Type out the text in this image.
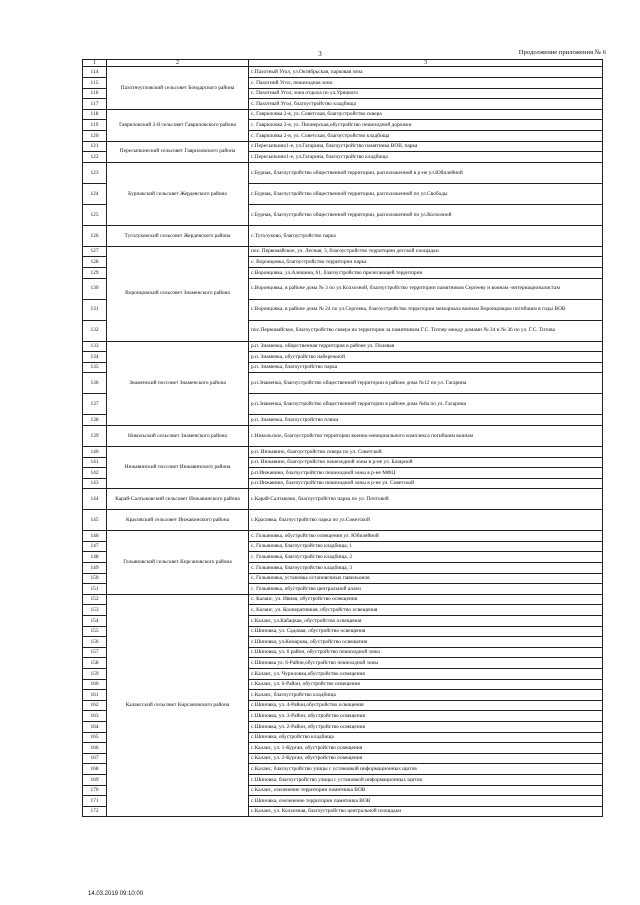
3	Продолжение приложения № 6
1	2	3
114	Пахотноугловский сельсовет Бондарского района	с.Пахотный Угол, ул.Октябрьская, парковая зона
115		с. Пахотний Угол, пешеходная зона
116		с. Пахотный Угол, зона отдыха по ул.Урицкого
117		с. Пахотный Угол, благоустройство кладбища
118	Гавриловский 2-й сельсовет Гавриловского района	с. Гавриловка 2-я, ул. Советская, благоустройство сквера
119		с. Гавриловка 2-я, ул. Пионерская,обустройство пешеходной дорожки
120		с. Гавриловка 2-я, ул. Советская, благоустройство кладбища
121	Пересыпкинский сельсовет Гавриловского района	с.Пересыпкино1-е, ул.Гагарина, благоустройство памятника ВОВ, парка
122		с.Пересыпкино1-е, ул.Гагарина, благоустройство кладбища
123	Бурнакский сельсовет Жердевского района	с.Бурнак, благоустройство общественной территории, расположенной в р-не ул.Юбилейной
124		с.Бурнак, благоустройство общественной территории, расположенной по ул.Свободы
125		с.Бурнак, благоустройство общественной территории, расположенной по ул.Колхозной
126	Туголуковский сельсовет Жердевского района	с.Туголуково, благоустройство парка
127	Воронцовский сельсовет Знаменского района	пос. Первомайское, ул. Лесная, 3, благоустройство территории детской площадки
128		с. Воронцовка, благоустройство территории парка
129		с.Воронцовка, ул.Алешина, 61, благоустройство прилегающей территории
130		с.Воронцовка, в районе дома № 3 по ул.Колхозной, благоустройство территории памятников Сергееву и воинам -интернационалистам
131		с.Воронцовка, в районе дома № 24 по ул.Сергеева, благоустройство территории мемориала воинам Воронцовцам погибшим в годы ВОВ
132		пос.Первомайское, благоустройство сквера на территории за памятником Г.С. Титову между домами № 34 и № 36 по ул. Г.С. Титова
133	Знаменский поссовет Знаменского района	р.п. Знаменка, общественная территория в районе ул. Полевая
134		р.п. Знаменка, обустройство набережной
135		р.п. Знаменка, благоустройство парка
136		р.п.Знаменка, благоустройство общественной территории в районе дома №12 по ул. Гагарина
137		р.п.Знаменка, благоустройство общественной территории в районе дома №8а по ул. Гагарина
138		р.п. Знаменка, благоустройство пляжа
139	Никольский сельсовет Знаменского района	с.Никольское, благоустройство территории военно-мемориального комплекса погибшим воинам
140	Инжавинский поссовет Инжавинского района	р.п. Инжавино, благоустройство сквера по ул. Советской
141		р.п. Инжавино, благоустройство пешеходной зоны в р-не ул. Базарной
142		р.п.Инжавино, благоустройство пешеходной зоны в р-не МФЦ
143		р.п.Инжавино, благоустройство пешеходной зоны в р-не ул. Советской
144	Карай-Салтыковский сельсовет Инжавинского района	с.Карай-Салтыково, благоустройство парка по ул. Почтовой
145	Красивский сельсовет Инжавинского района	с.Красивка, благоустройство парка по ул.Советской
146	Гольяновский сельсовет Кирсановского района	с. Гольяновка, обустройство освещения ул. Юбилейной
147		с. Гольяновка, благоустройство кладбища, 1
148		с. Гольяновка, благоустройство кладбища, 2
149		с. Гольяновка, благоустройство кладбища, 3
150		с. Гольяновка, установка остановочных павильонов
151		с. Гольяновка, обустройство центральной аллеи
152	Калаисский сельсовет Кирсановского района	с. Калаис, ул. Ивная, обустройство освещения
153		с. Калаис, ул. Кооперативная, обустройство освещения
154		с.Калаис, ул.Кабацкая, обустройство освещения
155		с.Шиновка, ул. Садовая, обустройство освещения
156		с.Шиновка, ул.Комарова, обустройство освещения
157		с.Шиновка, ул. 6 район, обустройство пешеходной зоны
158		с.Шиновка ул. 6-Район,обустройство пешеходной зоны
159		с.Калаис, ул. Чуриловка,обустройство освещения
160		с.Калаис, ул. 6-Район, обустройство освещения
161		с.Калаис, благоустройство кладбища
162		с.Шиновка, ул. 4-Район,обустройство освещения
163		с.Шиновка, ул. 3-Район, обустройство освещения
164		с.Шиновка, ул. 2-Район, обустройство освещения
165		с.Шиновка, обустройство кладбища
166		с.Калаис, ул. 1-Курган, обустройство освещения
167		с.Калаис, ул. 2-Курган, обустройство освещения
168		с.Калаис, благоустройство улицы с установкой информационных щитов
169		с.Шиновка, благоустройство улицы с установкой информационных щитов
170		с.Калаис, озеленение территории памятника ВОВ
171		с.Шиновка, озеленение территории памятника ВОВ
172		с.Калаис, ул. Колхозная, благоустройство центральной площадки
14.03.2019 09:10:00
